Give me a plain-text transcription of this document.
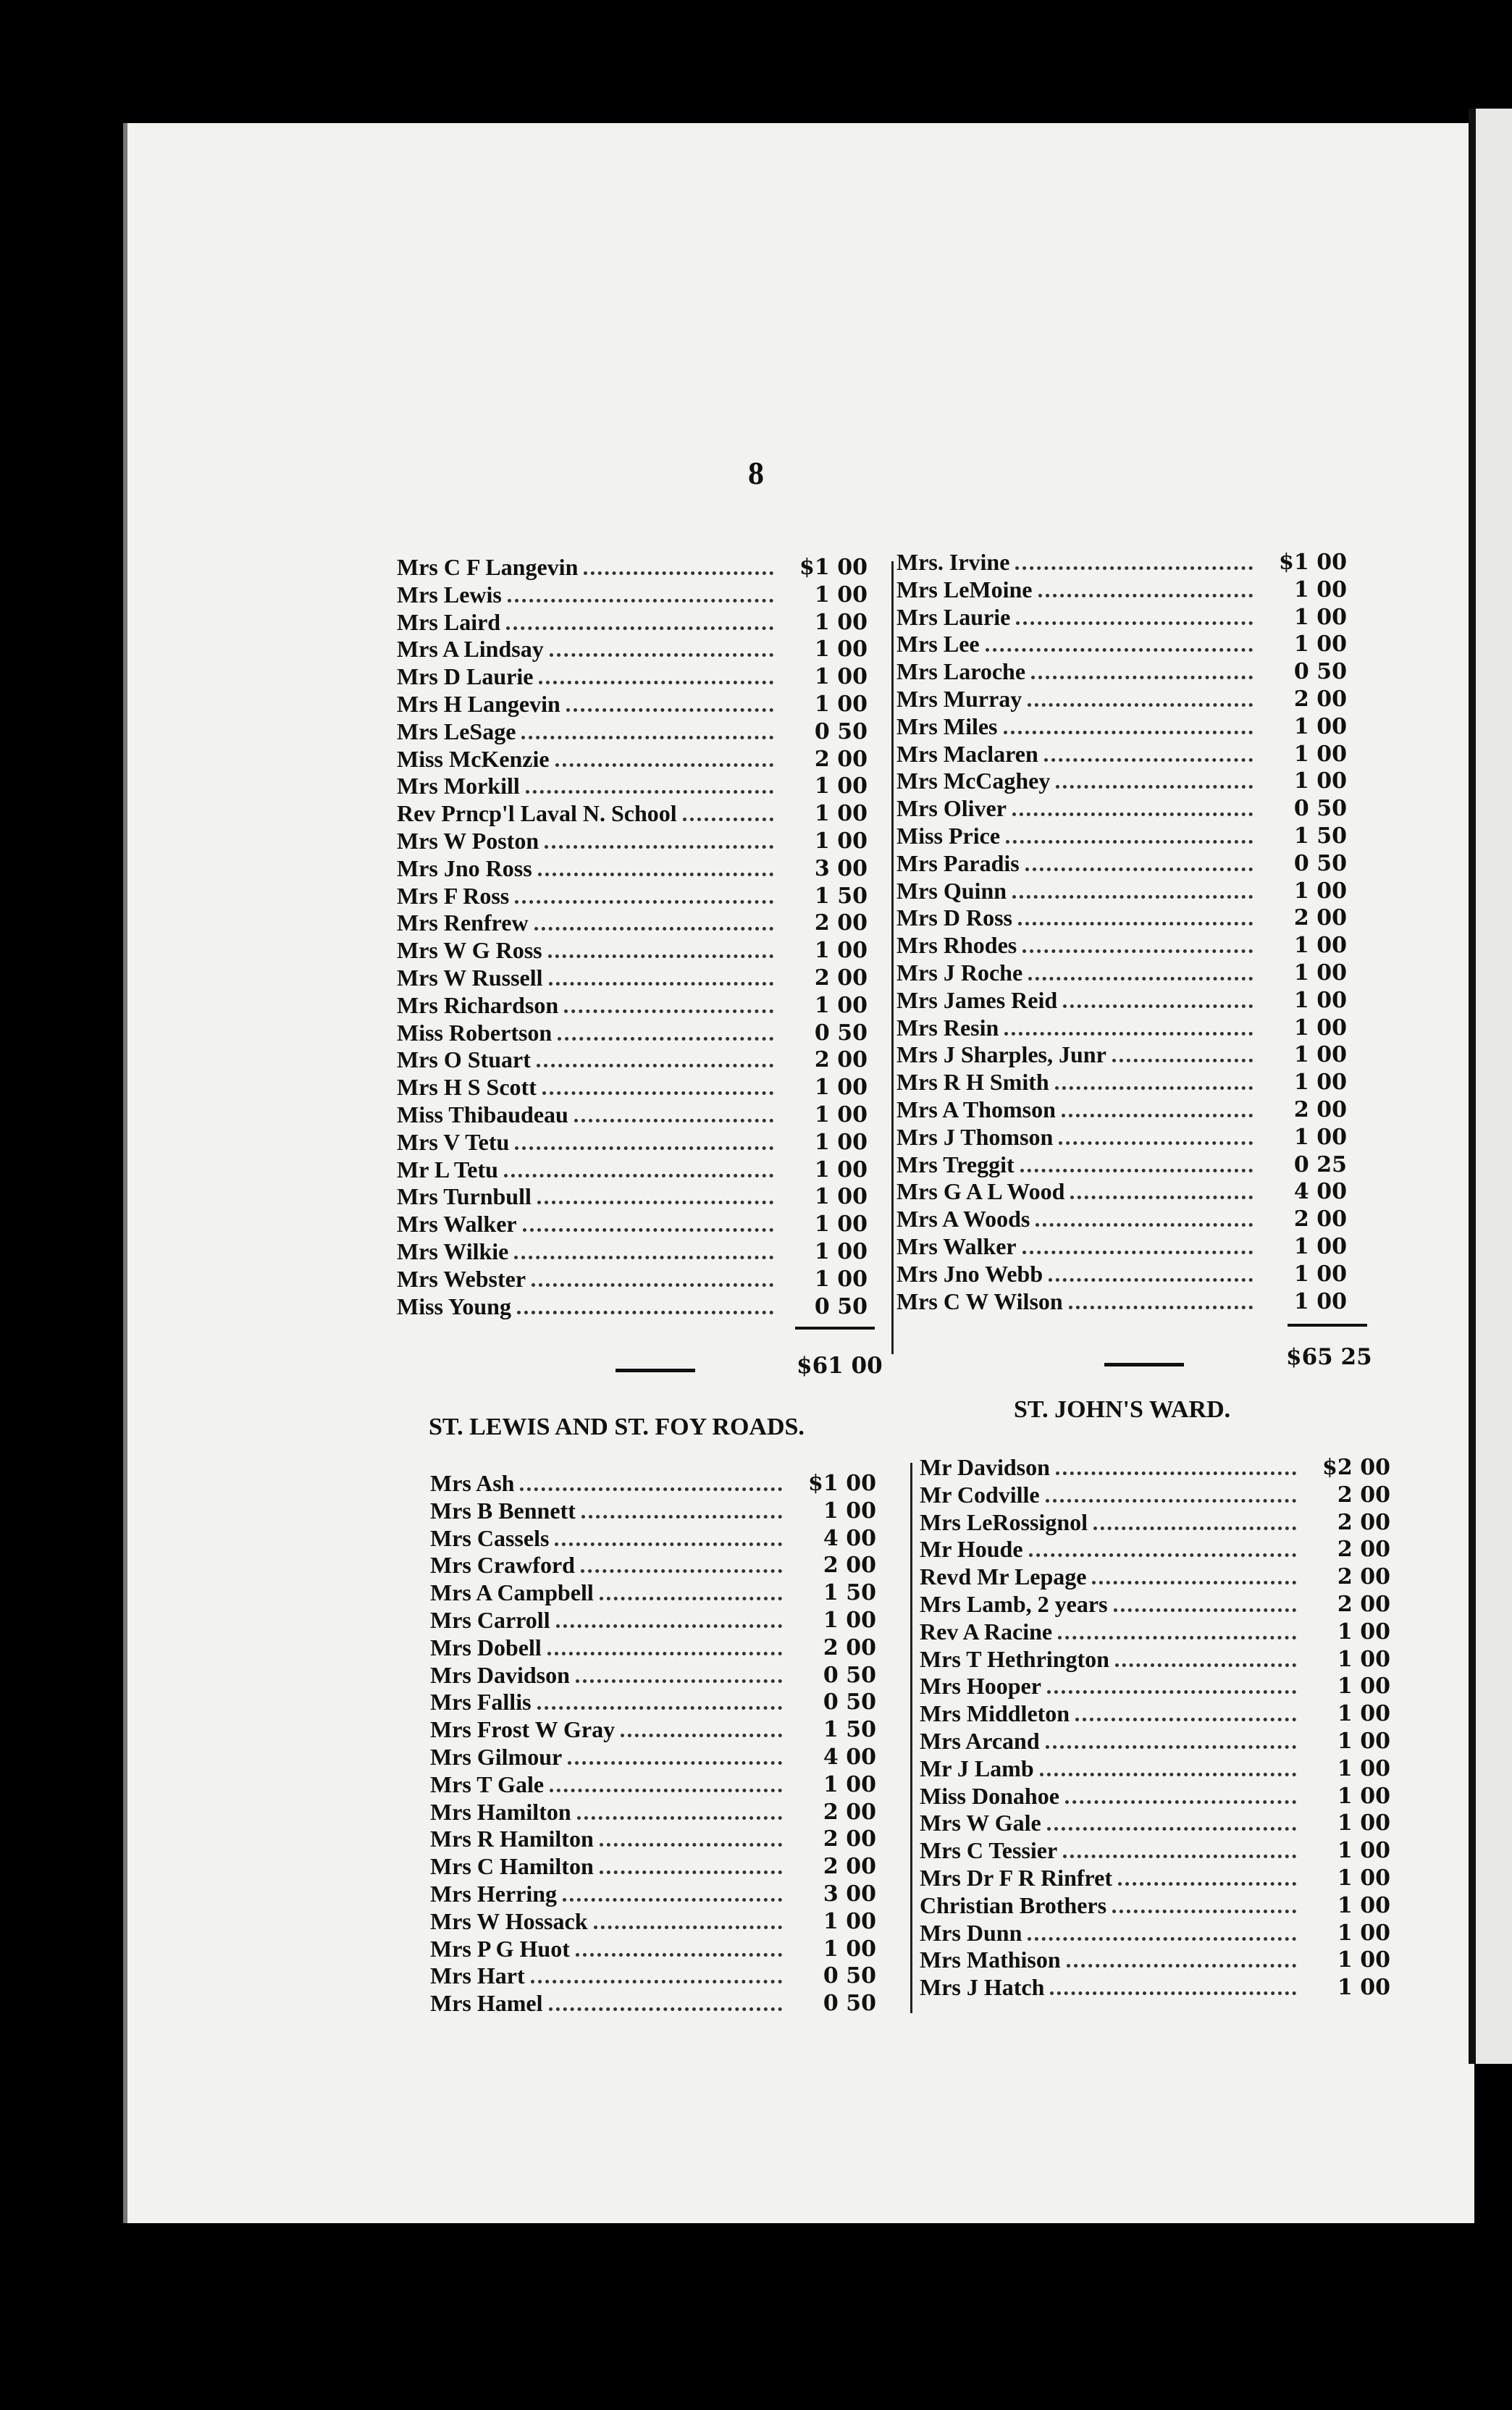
8
Mrs C F Langevin	$1 00
Mrs Lewis	1 00
Mrs Laird	1 00
Mrs A Lindsay	1 00
Mrs D Laurie	1 00
Mrs H Langevin	1 00
Mrs LeSage	0 50
Miss McKenzie	2 00
Mrs Morkill	1 00
Rev Prncp'l Laval N. School	1 00
Mrs W Poston	1 00
Mrs Jno Ross	3 00
Mrs F Ross	1 50
Mrs Renfrew	2 00
Mrs W G Ross	1 00
Mrs W Russell	2 00
Mrs Richardson	1 00
Miss Robertson	0 50
Mrs O Stuart	2 00
Mrs H S Scott	1 00
Miss Thibaudeau	1 00
Mrs V Tetu	1 00
Mr L Tetu	1 00
Mrs Turnbull	1 00
Mrs Walker	1 00
Mrs Wilkie	1 00
Mrs Webster	1 00
Miss Young	0 50
$61 00
Mrs. Irvine	$1 00
Mrs LeMoine	1 00
Mrs Laurie	1 00
Mrs Lee	1 00
Mrs Laroche	0 50
Mrs Murray	2 00
Mrs Miles	1 00
Mrs Maclaren	1 00
Mrs McCaghey	1 00
Mrs Oliver	0 50
Miss Price	1 50
Mrs Paradis	0 50
Mrs Quinn	1 00
Mrs D Ross	2 00
Mrs Rhodes	1 00
Mrs J Roche	1 00
Mrs James Reid	1 00
Mrs Resin	1 00
Mrs J Sharples, Junr	1 00
Mrs R H Smith	1 00
Mrs A Thomson	2 00
Mrs J Thomson	1 00
Mrs Treggit	0 25
Mrs G A L Wood	4 00
Mrs A Woods	2 00
Mrs Walker	1 00
Mrs Jno Webb	1 00
Mrs C W Wilson	1 00
$65 25
ST. LEWIS AND ST. FOY ROADS.
ST. JOHN'S WARD.
Mrs Ash	$1 00
Mrs B Bennett	1 00
Mrs Cassels	4 00
Mrs Crawford	2 00
Mrs A Campbell	1 50
Mrs Carroll	1 00
Mrs Dobell	2 00
Mrs Davidson	0 50
Mrs Fallis	0 50
Mrs Frost W Gray	1 50
Mrs Gilmour	4 00
Mrs T Gale	1 00
Mrs Hamilton	2 00
Mrs R Hamilton	2 00
Mrs C Hamilton	2 00
Mrs Herring	3 00
Mrs W Hossack	1 00
Mrs P G Huot	1 00
Mrs Hart	0 50
Mrs Hamel	0 50
Mr Davidson	$2 00
Mr Codville	2 00
Mrs LeRossignol	2 00
Mr Houde	2 00
Revd Mr Lepage	2 00
Mrs Lamb, 2 years	2 00
Rev A Racine	1 00
Mrs T Hethrington	1 00
Mrs Hooper	1 00
Mrs Middleton	1 00
Mrs Arcand	1 00
Mr J Lamb	1 00
Miss Donahoe	1 00
Mrs W Gale	1 00
Mrs C Tessier	1 00
Mrs Dr F R Rinfret	1 00
Christian Brothers	1 00
Mrs Dunn	1 00
Mrs Mathison	1 00
Mrs J Hatch	1 00
